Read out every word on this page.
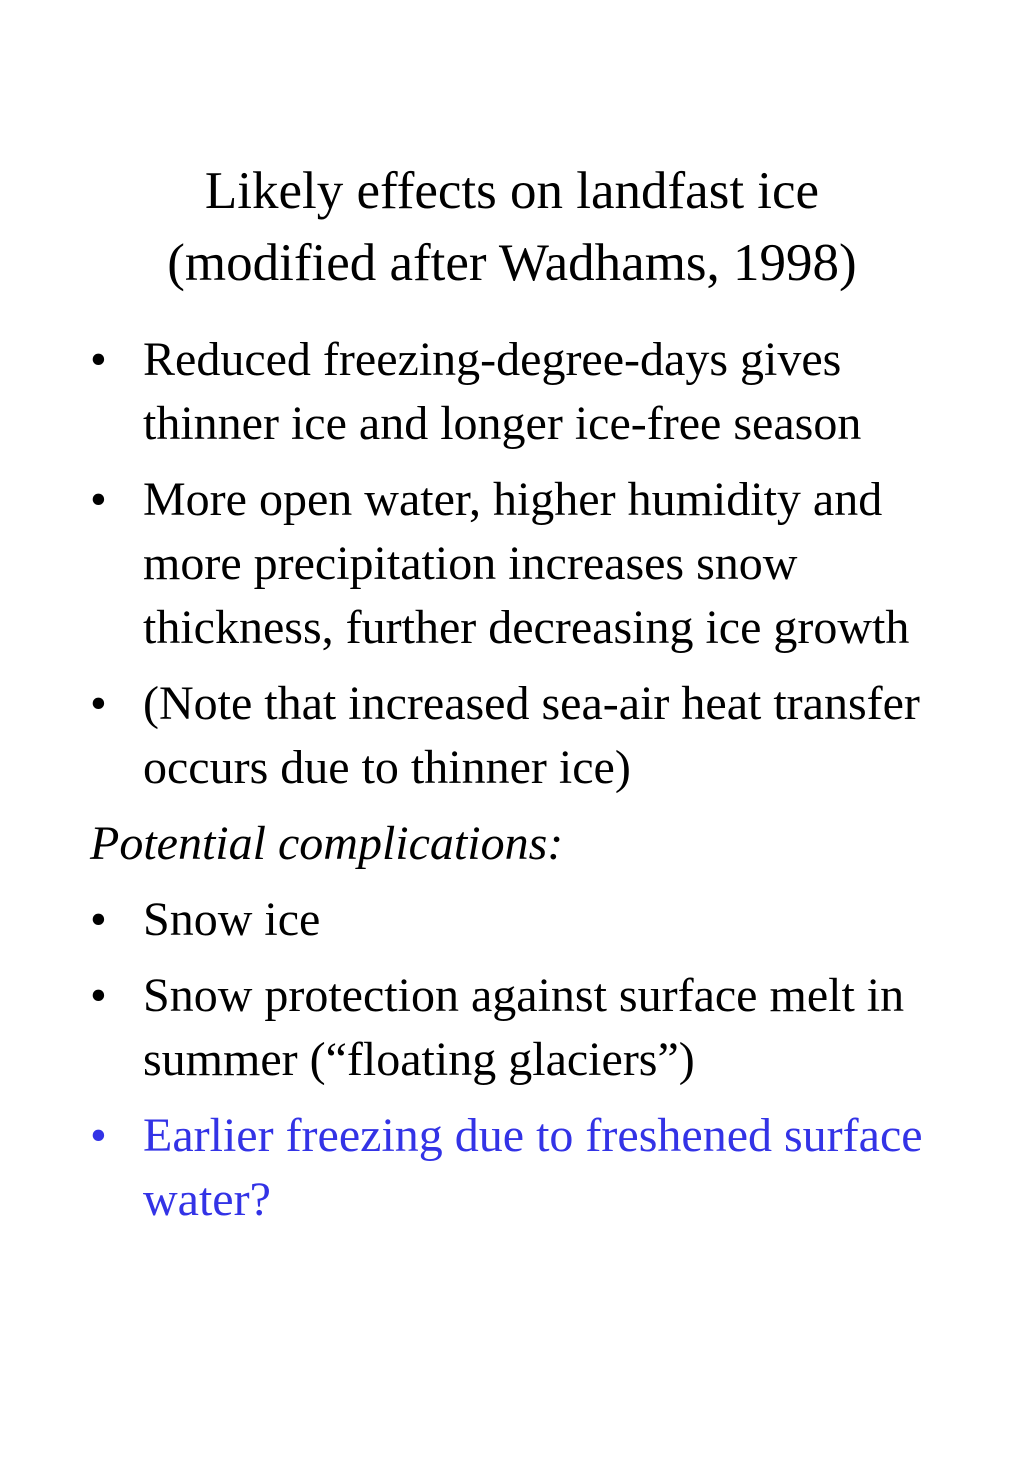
Likely effects on landfast ice
(modified after Wadhams, 1998)
• Reduced freezing-degree-days gives thinner ice and longer ice-free season
• More open water, higher humidity and more precipitation increases snow thickness, further decreasing ice growth
• (Note that increased sea-air heat transfer occurs due to thinner ice)
Potential complications:
• Snow ice
• Snow protection against surface melt in summer (“floating glaciers”)
• Earlier freezing due to freshened surface water?
